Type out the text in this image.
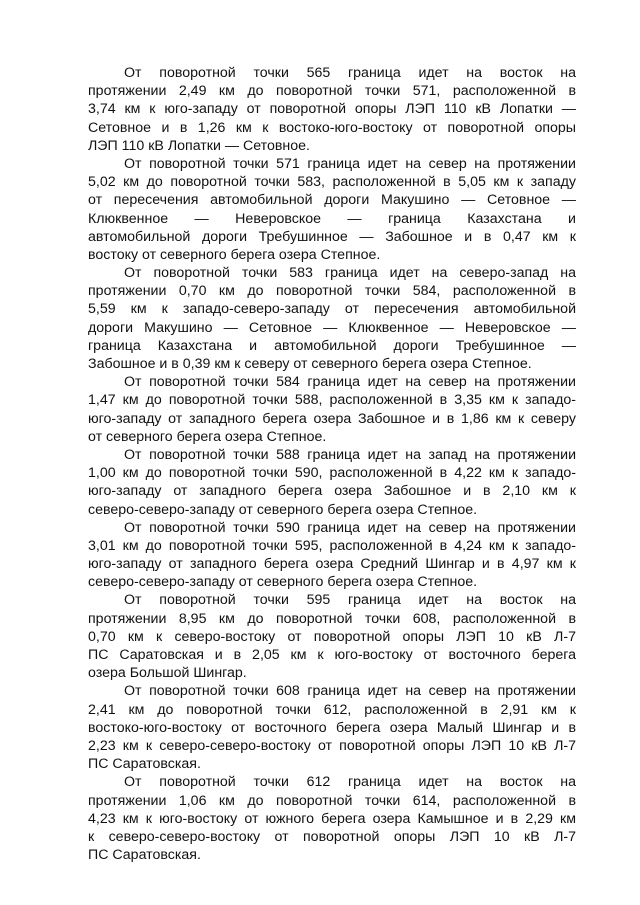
От поворотной точки 565 граница идет на восток на
протяжении 2,49 км до поворотной точки 571, расположенной в
3,74 км к юго-западу от поворотной опоры ЛЭП 110 кВ Лопатки —
Сетовное и в 1,26 км к востоко-юго-востоку от поворотной опоры
ЛЭП 110 кВ Лопатки — Сетовное.
От поворотной точки 571 граница идет на север на протяжении
5,02 км до поворотной точки 583, расположенной в 5,05 км к западу
от пересечения автомобильной дороги Макушино — Сетовное —
Клюквенное — Неверовское — граница Казахстана и
автомобильной дороги Требушинное — Забошное и в 0,47 км к
востоку от северного берега озера Степное.
От поворотной точки 583 граница идет на северо-запад на
протяжении 0,70 км до поворотной точки 584, расположенной в
5,59 км к западо-северо-западу от пересечения автомобильной
дороги Макушино — Сетовное — Клюквенное — Неверовское —
граница Казахстана и автомобильной дороги Требушинное —
Забошное и в 0,39 км к северу от северного берега озера Степное.
От поворотной точки 584 граница идет на север на протяжении
1,47 км до поворотной точки 588, расположенной в 3,35 км к западо-
юго-западу от западного берега озера Забошное и в 1,86 км к северу
от северного берега озера Степное.
От поворотной точки 588 граница идет на запад на протяжении
1,00 км до поворотной точки 590, расположенной в 4,22 км к западо-
юго-западу от западного берега озера Забошное и в 2,10 км к
северо-северо-западу от северного берега озера Степное.
От поворотной точки 590 граница идет на север на протяжении
3,01 км до поворотной точки 595, расположенной в 4,24 км к западо-
юго-западу от западного берега озера Средний Шингар и в 4,97 км к
северо-северо-западу от северного берега озера Степное.
От поворотной точки 595 граница идет на восток на
протяжении 8,95 км до поворотной точки 608, расположенной в
0,70 км к северо-востоку от поворотной опоры ЛЭП 10 кВ Л-7
ПС Саратовская и в 2,05 км к юго-востоку от восточного берега
озера Большой Шингар.
От поворотной точки 608 граница идет на север на протяжении
2,41 км до поворотной точки 612, расположенной в 2,91 км к
востоко-юго-востоку от восточного берега озера Малый Шингар и в
2,23 км к северо-северо-востоку от поворотной опоры ЛЭП 10 кВ Л-7
ПС Саратовская.
От поворотной точки 612 граница идет на восток на
протяжении 1,06 км до поворотной точки 614, расположенной в
4,23 км к юго-востоку от южного берега озера Камышное и в 2,29 км
к северо-северо-востоку от поворотной опоры ЛЭП 10 кВ Л-7
ПС Саратовская.
